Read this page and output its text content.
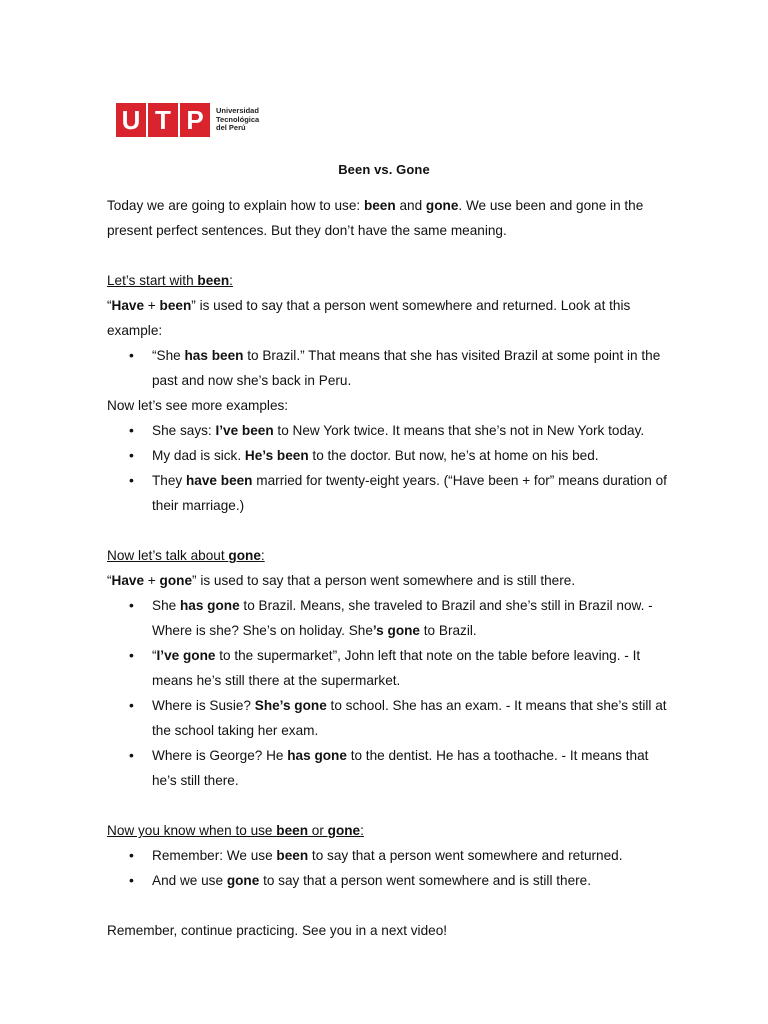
U T P	Universidad
Tecnológica
del Perú
Been vs. Gone

Today we are going to explain how to use: been and gone. We use been and gone in the present perfect sentences. But they don’t have the same meaning.

Let’s start with been:

“Have + been” is used to say that a person went somewhere and returned. Look at this example:

• “She has been to Brazil.” That means that she has visited Brazil at some point in the past and now she’s back in Peru.

Now let’s see more examples:

• She says: I’ve been to New York twice. It means that she’s not in New York today.
• My dad is sick. He’s been to the doctor. But now, he’s at home on his bed.
• They have been married for twenty-eight years. (“Have been + for” means duration of their marriage.)

Now let’s talk about gone:

“Have + gone” is used to say that a person went somewhere and is still there.

• She has gone to Brazil. Means, she traveled to Brazil and she’s still in Brazil now. - Where is she? She’s on holiday. She’s gone to Brazil.
• “I’ve gone to the supermarket”, John left that note on the table before leaving. - It means he’s still there at the supermarket.
• Where is Susie? She’s gone to school. She has an exam. - It means that she’s still at the school taking her exam.
• Where is George? He has gone to the dentist. He has a toothache. - It means that he’s still there.

Now you know when to use been or gone:

• Remember: We use been to say that a person went somewhere and returned.
• And we use gone to say that a person went somewhere and is still there.

Remember, continue practicing. See you in a next video!
